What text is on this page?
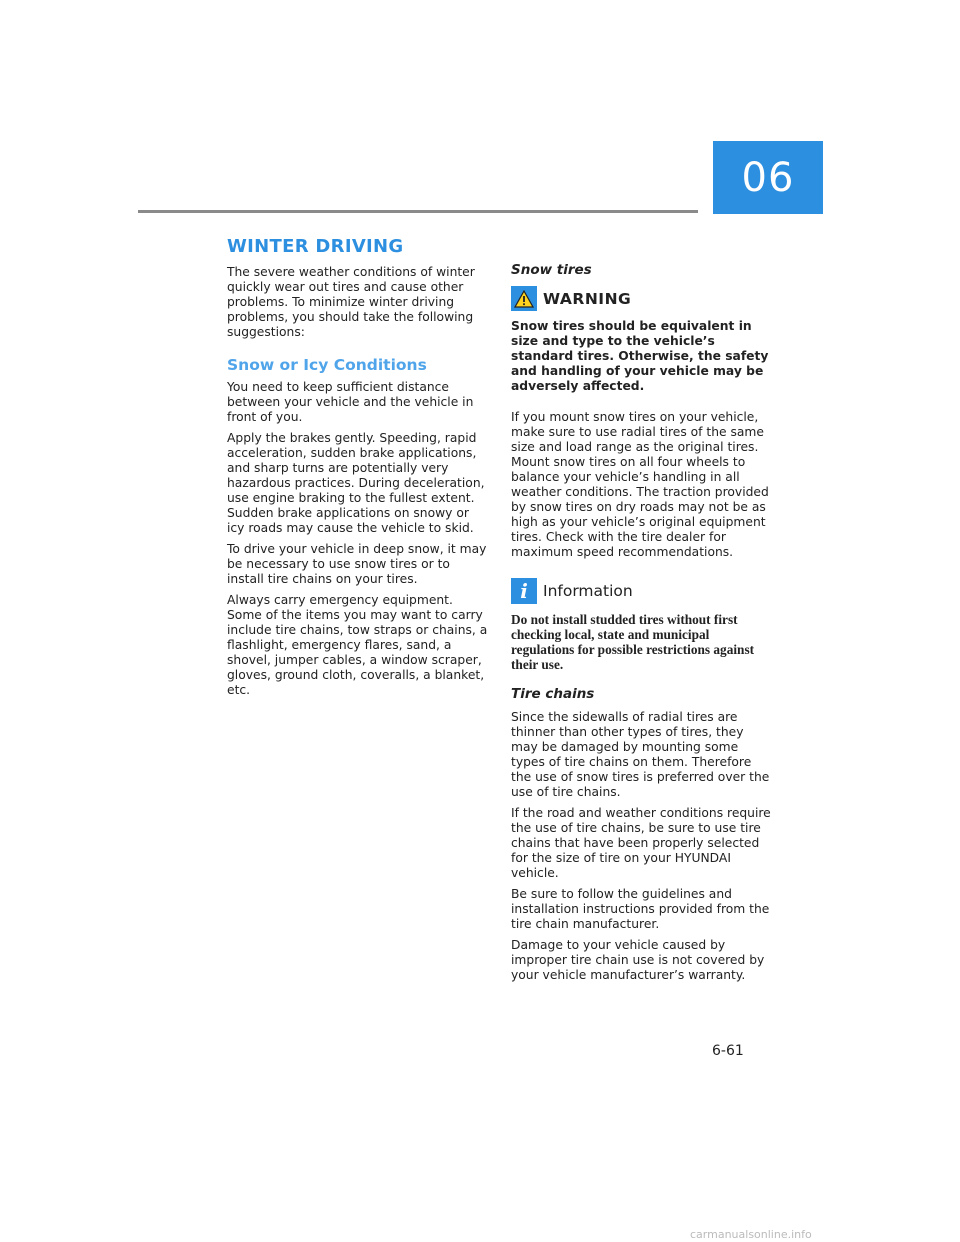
06
WINTER DRIVING

The severe weather conditions of winter quickly wear out tires and cause other problems. To minimize winter driving problems, you should take the following suggestions:

Snow or Icy Conditions

You need to keep sufficient distance between your vehicle and the vehicle in front of you.

Apply the brakes gently. Speeding, rapid acceleration, sudden brake applications, and sharp turns are potentially very hazardous practices. During deceleration, use engine braking to the fullest extent. Sudden brake applications on snowy or icy roads may cause the vehicle to skid.

To drive your vehicle in deep snow, it may be necessary to use snow tires or to install tire chains on your tires.

Always carry emergency equipment. Some of the items you may want to carry include tire chains, tow straps or chains, a flashlight, emergency flares, sand, a shovel, jumper cables, a window scraper, gloves, ground cloth, coveralls, a blanket, etc.

Snow tires
WARNING

Snow tires should be equivalent in size and type to the vehicle’s standard tires. Otherwise, the safety and handling of your vehicle may be adversely affected.

If you mount snow tires on your vehicle, make sure to use radial tires of the same size and load range as the original tires. Mount snow tires on all four wheels to balance your vehicle’s handling in all weather conditions. The traction provided by snow tires on dry roads may not be as high as your vehicle’s original equipment tires. Check with the tire dealer for maximum speed recommendations.

i Information

Do not install studded tires without first checking local, state and municipal regulations for possible restrictions against their use.

Tire chains

Since the sidewalls of radial tires are thinner than other types of tires, they may be damaged by mounting some types of tire chains on them. Therefore the use of snow tires is preferred over the use of tire chains.

If the road and weather conditions require the use of tire chains, be sure to use tire chains that have been properly selected for the size of tire on your HYUNDAI vehicle.

Be sure to follow the guidelines and installation instructions provided from the tire chain manufacturer.

Damage to your vehicle caused by improper tire chain use is not covered by your vehicle manufacturer’s warranty.

6-61
carmanualsonline.info
